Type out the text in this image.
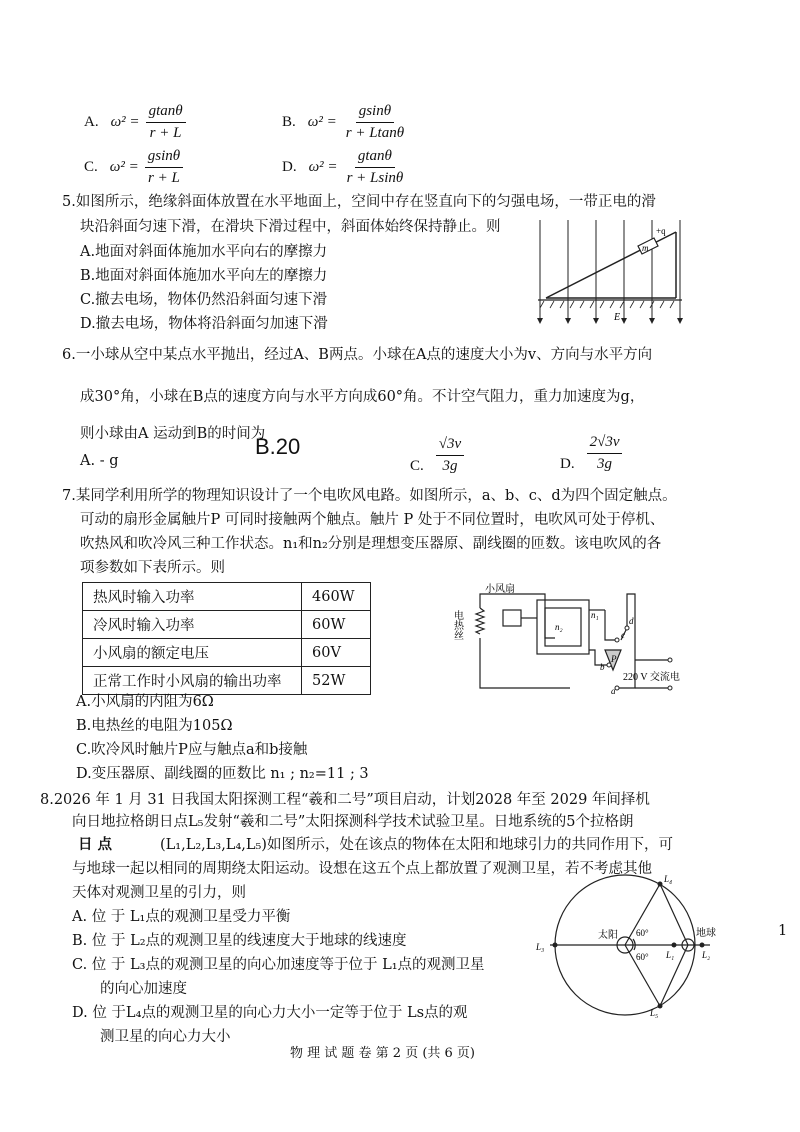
A. $\omega^2 = \frac{gtan\theta}{r + L}$	B. $\omega^2 = \frac{gsin\theta}{r + Ltan\theta}$
C. $\omega^2 = \frac{gsin\theta}{r + L}$	D. $\omega^2 = \frac{gtan\theta}{r + Lsin\theta}$
5.如图所示，绝缘斜面体放置在水平地面上，空间中存在竖直向下的匀强电场，一带正电的滑
块沿斜面匀速下滑，在滑块下滑过程中，斜面体始终保持静止。则
A.地面对斜面体施加水平向右的摩擦力
B.地面对斜面体施加水平向左的摩擦力
C.撤去电场，物体仍然沿斜面匀速下滑
D.撤去电场，物体将沿斜面匀加速下滑
m
+q
E
6.一小球从空中某点水平抛出，经过A、B两点。小球在A点的速度大小为v、方向与水平方向
成30°角，小球在B点的速度方向与水平方向成60°角。不计空气阻力，重力加速度为g，
则小球由A 运动到B的时间为
A. - g
B.20
C. $\frac{√3v}{3g}$	D. $\frac{2√3v}{3g}$
7.某同学利用所学的物理知识设计了一个电吹风电路。如图所示，a、b、c、d为四个固定触点。
可动的扇形金属触片P 可同时接触两个触点。触片 P 处于不同位置时，电吹风可处于停机、
吹热风和吹冷风三种工作状态。n₁和n₂分别是理想变压器原、副线圈的匝数。该电吹风的各
项参数如下表所示。则
热风时输入功率	460W
冷风时输入功率	60W
小风扇的额定电压	60V
正常工作时小风扇的输出功率	52W
小风扇
电热丝	n₂
n₁
d
c
b
a
P
220 V 交流电
A.小风扇的内阻为6Ω
B.电热丝的电阻为105Ω
C.吹冷风时触片P应与触点a和b接触
D.变压器原、副线圈的匝数比 n₁ ; n₂=11 ; 3
8.2026 年 1 月 31 日我国太阳探测工程“羲和二号”项目启动，计划2028 年至 2029 年间择机
向日地拉格朗日点L₅发射“羲和二号”太阳探测科学技术试验卫星。日地系统的5个拉格朗
日 点	(L₁,L₂,L₃,L₄,L₅)如图所示，处在该点的物体在太阳和地球引力的共同作用下，可
与地球一起以相同的周期绕太阳运动。设想在这五个点上都放置了观测卫星，若不考虑其他
天体对观测卫星的引力，则
A. 位 于 L₁点的观测卫星受力平衡
B. 位 于 L₂点的观测卫星的线速度大于地球的线速度
C. 位 于 L₃点的观测卫星的向心加速度等于位于 L₁点的观测卫星
的向心加速度
D. 位 于L₄点的观测卫星的向心力大小一定等于位于 Ls点的观
测卫星的向心力大小
太阳	地球
L₄
L₅
L₃
L₁	L₂
60°
60°
1
物 理 试 题 卷 第 2 页 (共 6 页)
